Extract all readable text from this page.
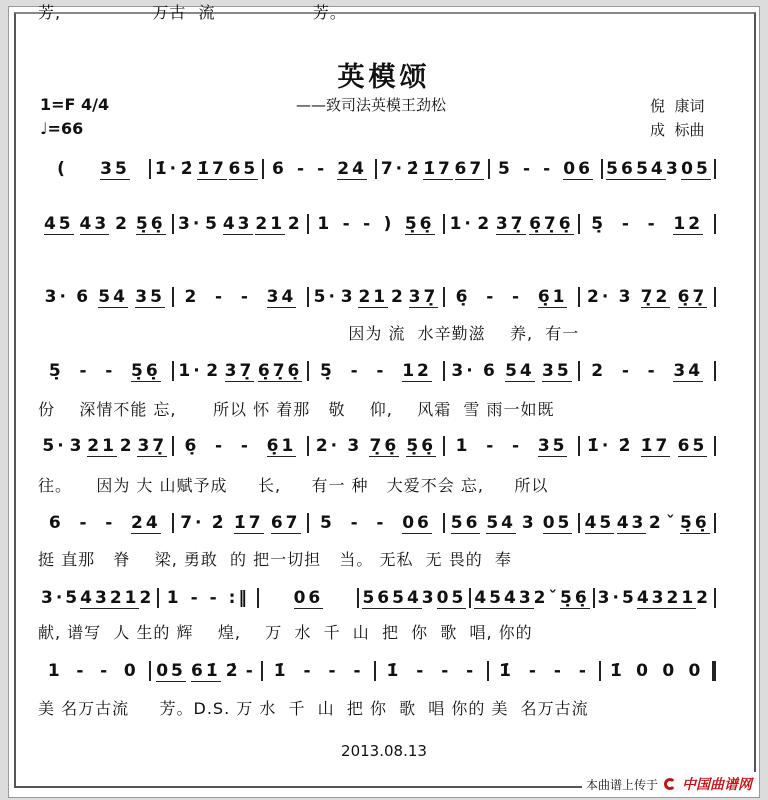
英模颂
——致司法英模王劲松
1=F 4/4
♩=66
倪  康词
成  标曲
( 35 1̇· 2̇ 1̇7 65 6 - - 24 7· 2̇ 1̇7 67 5 - - 06 56 54 3 05
45 43 2 5̣6̣ 3· 5 43 21 2 1 - - ) 5̣6̣ 1· 2 37̣ 6̣7̣6̣ 5̣ - - 12
因为 流  水辛勤滋    养,  有一
3· 6 54 35 2 - - 34 5· 3 21 2 37̣ 6̣ - - 6̣1 2· 3 7̣2 6̣7̣
份    深情不能 忘,      所以 怀 着那   敬    仰,    风霜  雪 雨一如既
5̣ - - 5̣6̣ 1· 2 37̣ 6̣7̣6̣ 5̣ - - 12 3· 6 54 35 2 - - 34
往。    因为 大 山赋予成     长,     有一 种   大爱不会 忘,     所以
5· 3 21 2 37̣ 6̣ - - 6̣1 2· 3 7̣6̣ 5̣6̣ 1 - - 35 1̇· 2̇ 1̇7 65
挺 直那   脊    梁, 勇敢  的 把一切担   当。 无私  无 畏的  奉
6 - - 24 7· 2̇ 1̇7 67 5 - - 06 56 54 3 05 45 43 2 ˇ 5̣6̣
献, 谱写  人 生的 辉    煌,    万  水  千  山  把  你  歌  唱, 你的
3· 5 43 21 2 1 - - :‖	06 56 54 3 05 45 43 2 ˇ 5̣6̣ 3· 5 43 21 2
美 名万古流     芳。D.S. 万 水  千  山  把 你  歌  唱 你的 美  名万古流
1 - - 0 05 61̇ 2̇ - 1̇ - - - 1̇ - - - 1̇ - - - 1̇ 0 0 0
芳,               万古  流                芳。
2013.08.13
本曲谱上传于 中国曲谱网
